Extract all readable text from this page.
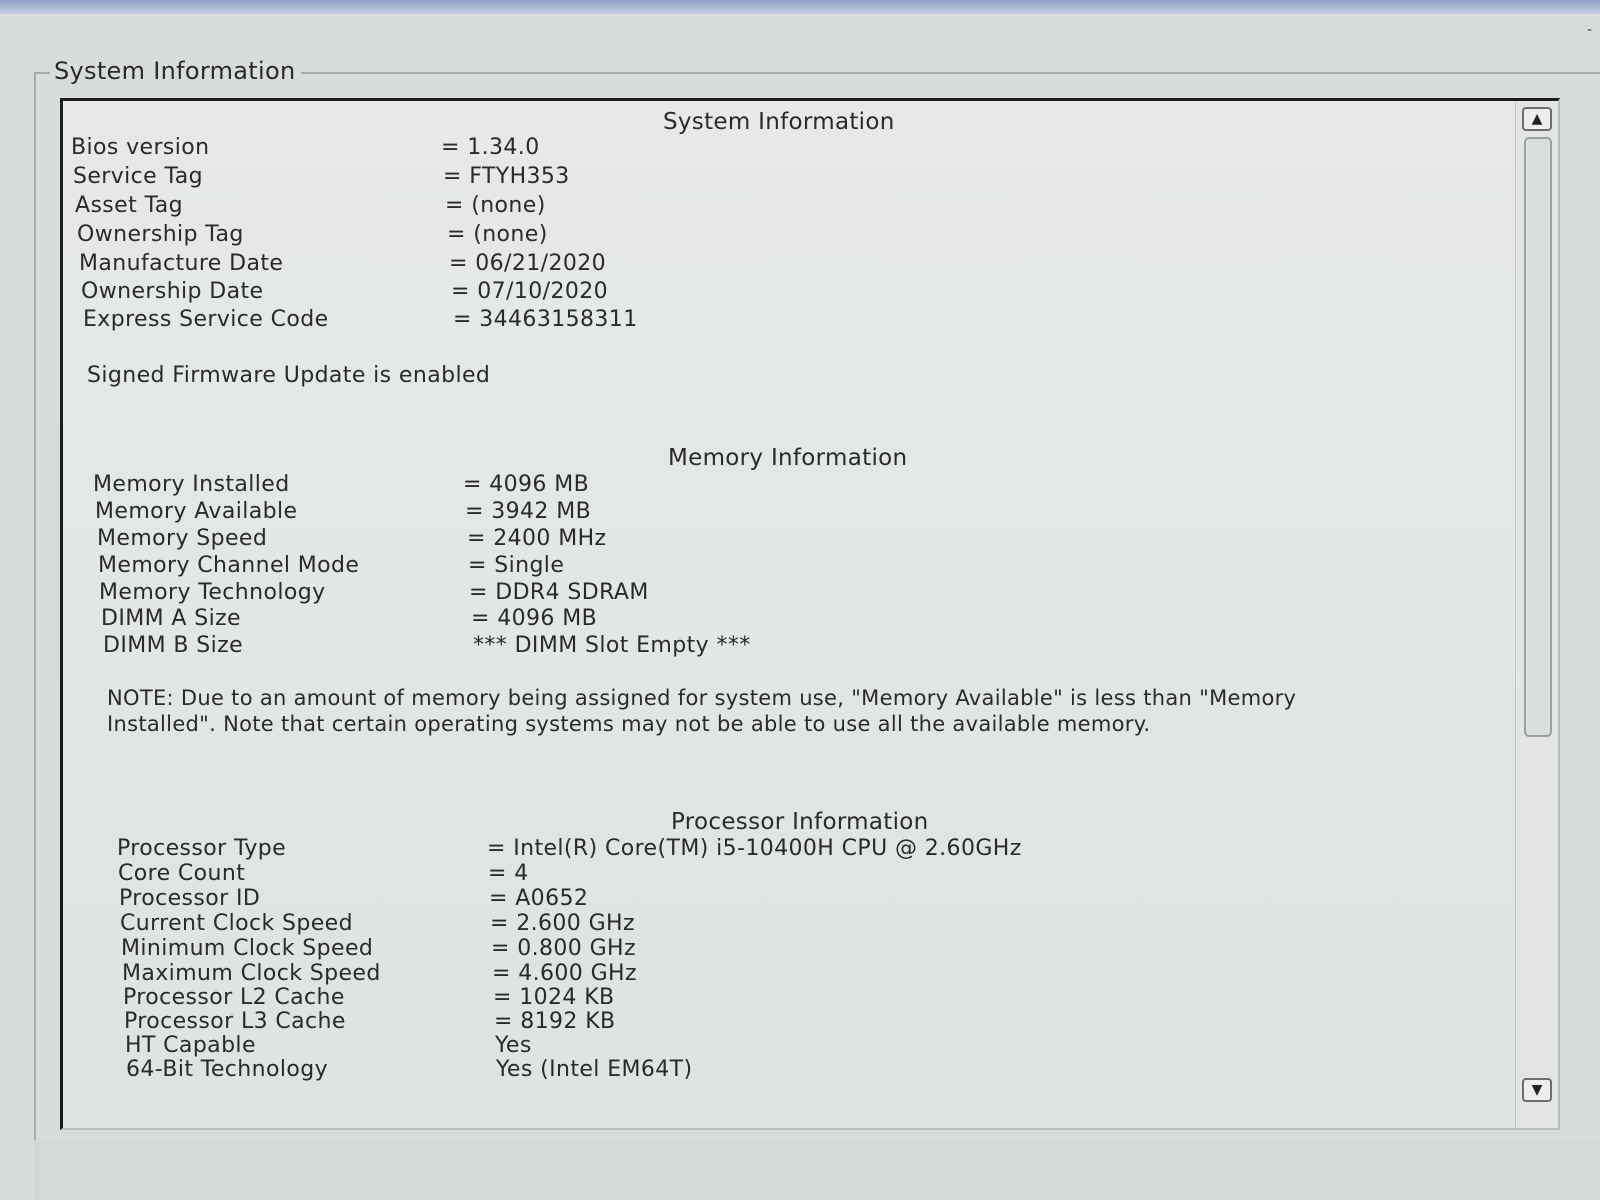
-
System Information
System Information
Bios version	= 1.34.0
Service Tag	= FTYH353
Asset Tag	= (none)
Ownership Tag	= (none)
Manufacture Date	= 06/21/2020
Ownership Date	= 07/10/2020
Express Service Code	= 34463158311
Signed Firmware Update is enabled
Memory Information
Memory Installed	= 4096 MB
Memory Available	= 3942 MB
Memory Speed	= 2400 MHz
Memory Channel Mode	= Single
Memory Technology	= DDR4 SDRAM
DIMM A Size	= 4096 MB
DIMM B Size	*** DIMM Slot Empty ***
NOTE: Due to an amount of memory being assigned for system use, "Memory Available" is less than "Memory Installed". Note that certain operating systems may not be able to use all the available memory.
Processor Information
Processor Type	= Intel(R) Core(TM) i5-10400H CPU @ 2.60GHz
Core Count	= 4
Processor ID	= A0652
Current Clock Speed	= 2.600 GHz
Minimum Clock Speed	= 0.800 GHz
Maximum Clock Speed	= 4.600 GHz
Processor L2 Cache	= 1024 KB
Processor L3 Cache	= 8192 KB
HT Capable	Yes
64-Bit Technology	Yes (Intel EM64T)
▲
▼
